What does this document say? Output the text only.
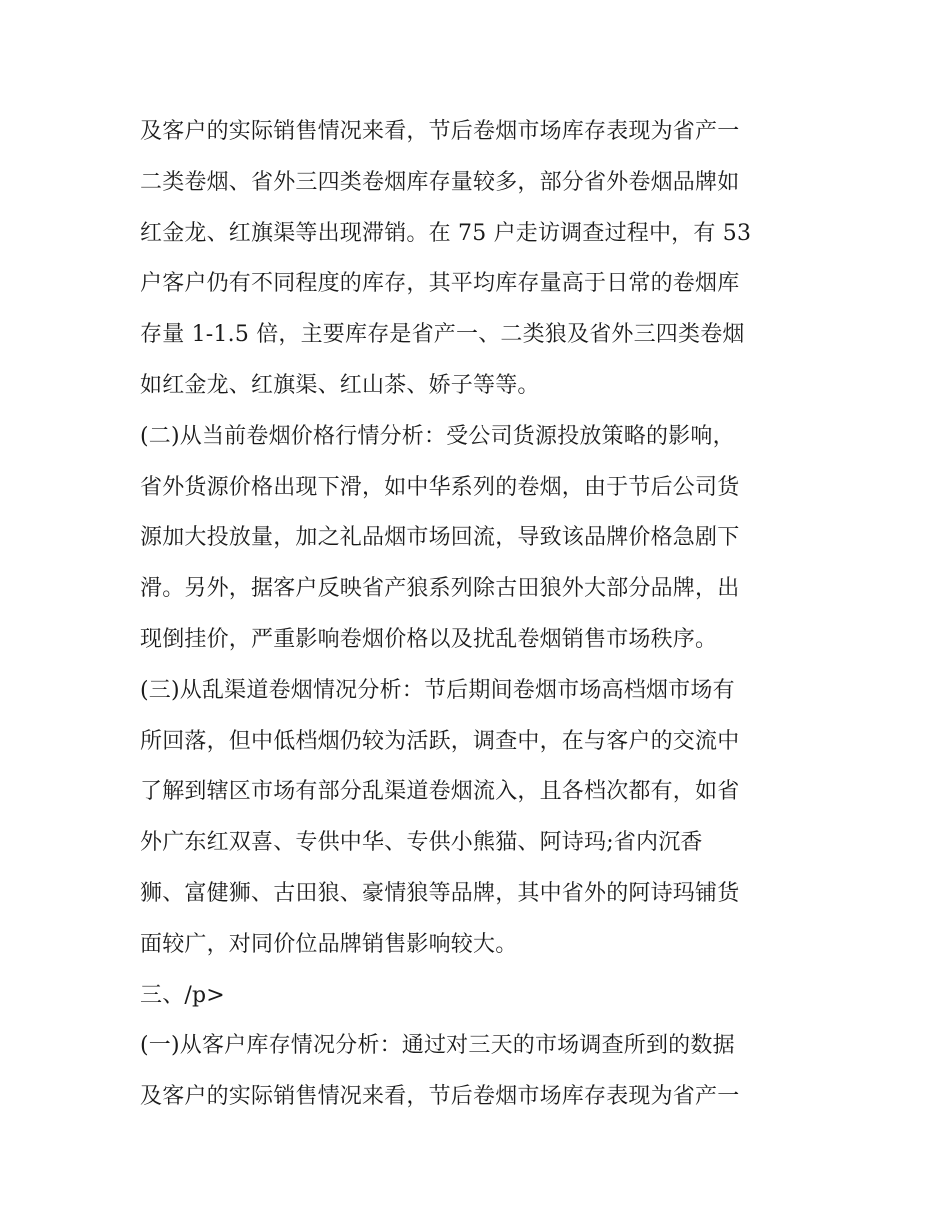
及客户的实际销售情况来看，节后卷烟市场库存表现为省产一
二类卷烟、省外三四类卷烟库存量较多，部分省外卷烟品牌如
红金龙、红旗渠等出现滞销。在 75 户走访调查过程中，有 53
户客户仍有不同程度的库存，其平均库存量高于日常的卷烟库
存量 1-1.5 倍，主要库存是省产一、二类狼及省外三四类卷烟
如红金龙、红旗渠、红山茶、娇子等等。
(二)从当前卷烟价格行情分析：受公司货源投放策略的影响，
省外货源价格出现下滑，如中华系列的卷烟，由于节后公司货
源加大投放量，加之礼品烟市场回流，导致该品牌价格急剧下
滑。另外，据客户反映省产狼系列除古田狼外大部分品牌，出
现倒挂价，严重影响卷烟价格以及扰乱卷烟销售市场秩序。
(三)从乱渠道卷烟情况分析：节后期间卷烟市场高档烟市场有
所回落，但中低档烟仍较为活跃，调查中，在与客户的交流中
了解到辖区市场有部分乱渠道卷烟流入，且各档次都有，如省
外广东红双喜、专供中华、专供小熊猫、阿诗玛;省内沉香
狮、富健狮、古田狼、豪情狼等品牌，其中省外的阿诗玛铺货
面较广，对同价位品牌销售影响较大。
三、/p>
(一)从客户库存情况分析：通过对三天的市场调查所到的数据
及客户的实际销售情况来看，节后卷烟市场库存表现为省产一
